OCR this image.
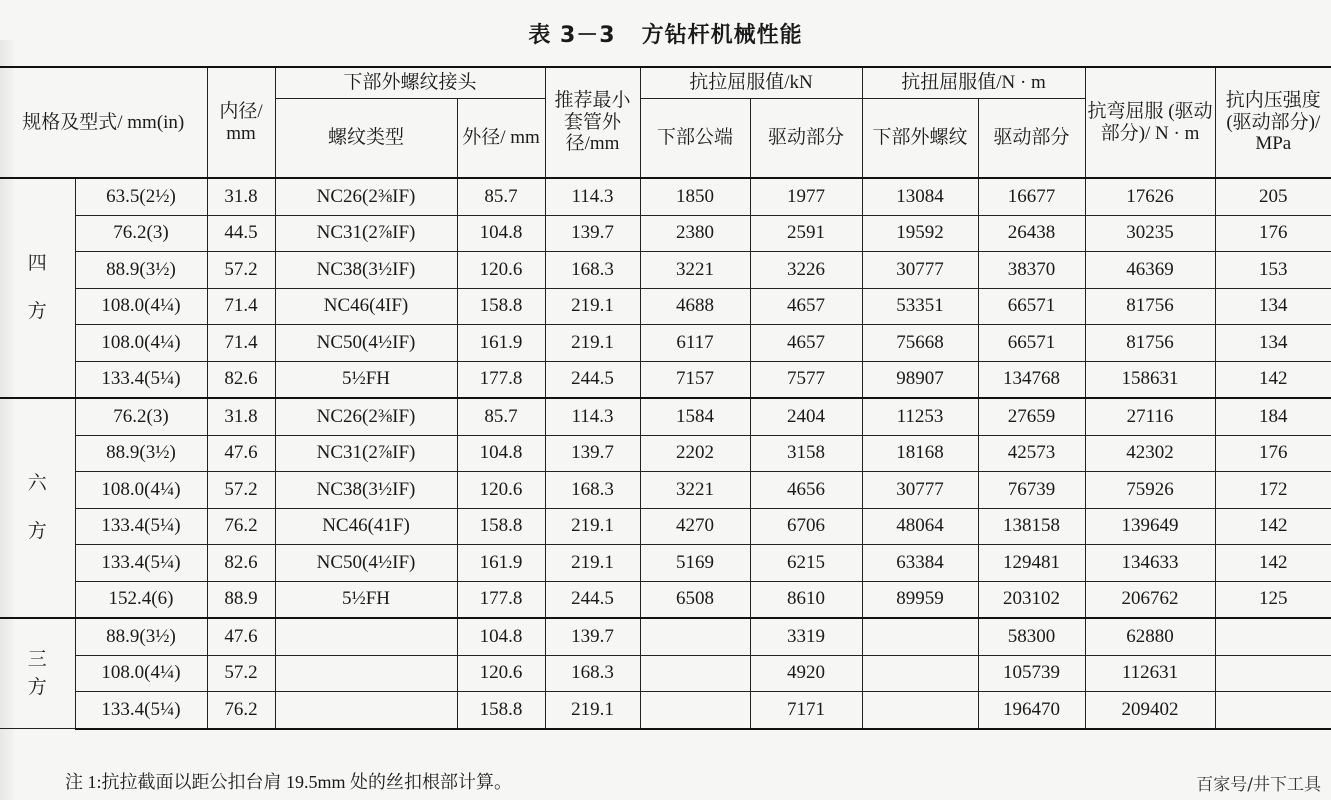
表 3－3 方钻杆机械性能
规格及型式/ mm(in)		内径/ mm	下部外螺纹接头		推荐最小 套管外 径/mm	抗拉屈服值/kN		抗扭屈服值/N · m		抗弯屈服 (驱动部分)/ N · m	抗内压强度 (驱动部分)/ MPa
			螺纹类型	外径/ mm		下部公端	驱动部分	下部外螺纹	驱动部分		

四
方	63.5(2½)	31.8	NC26(2⅜IF)	85.7	114.3	1850	1977	13084	16677	17626	205
	76.2(3)	44.5	NC31(2⅞IF)	104.8	139.7	2380	2591	19592	26438	30235	176
	88.9(3½)	57.2	NC38(3½IF)	120.6	168.3	3221	3226	30777	38370	46369	153
	108.0(4¼)	71.4	NC46(4IF)	158.8	219.1	4688	4657	53351	66571	81756	134
	108.0(4¼)	71.4	NC50(4½IF)	161.9	219.1	6117	4657	75668	66571	81756	134
	133.4(5¼)	82.6	5½FH	177.8	244.5	7157	7577	98907	134768	158631	142

六
方	76.2(3)	31.8	NC26(2⅜IF)	85.7	114.3	1584	2404	11253	27659	27116	184
	88.9(3½)	47.6	NC31(2⅞IF)	104.8	139.7	2202	3158	18168	42573	42302	176
	108.0(4¼)	57.2	NC38(3½IF)	120.6	168.3	3221	4656	30777	76739	75926	172
	133.4(5¼)	76.2	NC46(41F)	158.8	219.1	4270	6706	48064	138158	139649	142
	133.4(5¼)	82.6	NC50(4½IF)	161.9	219.1	5169	6215	63384	129481	134633	142
	152.4(6)	88.9	5½FH	177.8	244.5	6508	8610	89959	203102	206762	125

三
方	88.9(3½)	47.6		104.8	139.7		3319		58300	62880	
	108.0(4¼)	57.2		120.6	168.3		4920		105739	112631	
	133.4(5¼)	76.2		158.8	219.1		7171		196470	209402	
注 1:抗拉截面以距公扣台肩 19.5mm 处的丝扣根部计算。	百家号/井下工具
